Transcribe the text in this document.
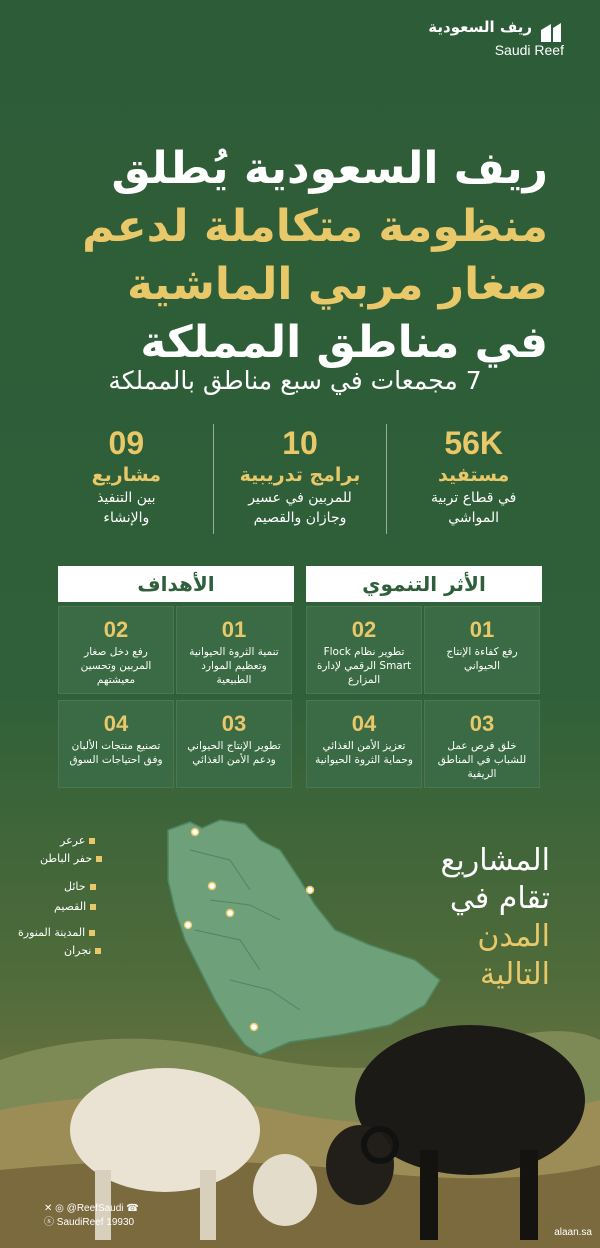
ريف السعودية
Saudi Reef
ريف السعودية يُطلق
منظومة متكاملة لدعم
صغار مربي الماشية
في مناطق المملكة
7 مجمعات في سبع مناطق بالمملكة
56K
مستفيد
في قطاع تربية
المواشي
10
برامج تدريبية
للمربين في عسير
وجازان والقصيم
09
مشاريع
بين التنفيذ
والإنشاء
الأثر التنموي
الأهداف
01
رفع كفاءة الإنتاج الحيواني
02
تطوير نظام Flock Smart الرقمي لإدارة المزارع
03
خلق فرص عمل للشباب في المناطق الريفية
04
تعزيز الأمن الغذائي وحماية الثروة الحيوانية
01
تنمية الثروة الحيوانية وتعظيم الموارد الطبيعية
02
رفع دخل صغار المربين وتحسين معيشتهم
03
تطوير الإنتاج الحيواني ودعم الأمن الغذائي
04
تصنيع منتجات الألبان وفق احتياجات السوق
عرعر
حفر الباطن
حائل
القصيم
المدينة المنورة
نجران
المشاريع
تقام في
المدن
التالية
✕ ◎ @ReefSaudi ☎
ⓢ SaudiReef 19930
alaan.sa
